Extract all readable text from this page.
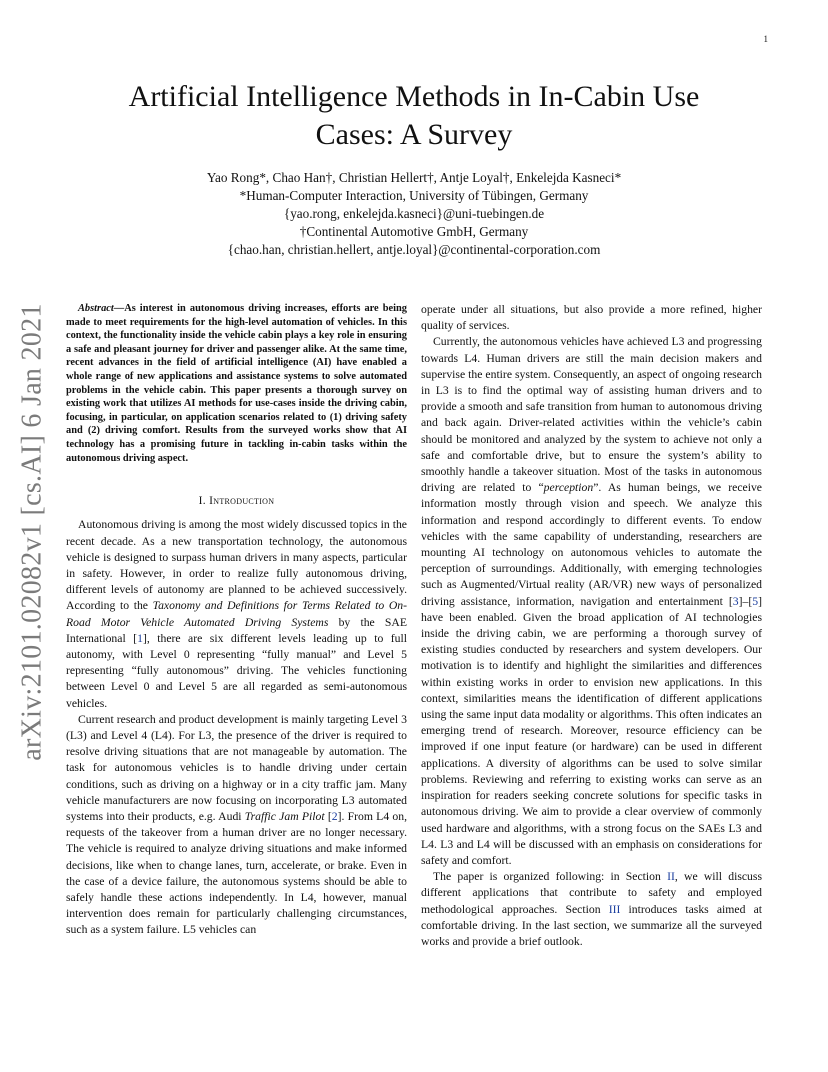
1
arXiv:2101.02082v1 [cs.AI] 6 Jan 2021
Artificial Intelligence Methods in In-Cabin Use
Cases: A Survey
Yao Rong*, Chao Han†, Christian Hellert†, Antje Loyal†, Enkelejda Kasneci*
*Human-Computer Interaction, University of Tübingen, Germany
{yao.rong, enkelejda.kasneci}@uni-tuebingen.de
†Continental Automotive GmbH, Germany
{chao.han, christian.hellert, antje.loyal}@continental-corporation.com

Abstract—As interest in autonomous driving increases, efforts are being made to meet requirements for the high-level automation of vehicles. In this context, the functionality inside the vehicle cabin plays a key role in ensuring a safe and pleasant journey for driver and passenger alike. At the same time, recent advances in the field of artificial intelligence (AI) have enabled a whole range of new applications and assistance systems to solve automated problems in the vehicle cabin. This paper presents a thorough survey on existing work that utilizes AI methods for use-cases inside the driving cabin, focusing, in particular, on application scenarios related to (1) driving safety and (2) driving comfort. Results from the surveyed works show that AI technology has a promising future in tackling in-cabin tasks within the autonomous driving aspect.

I. Introduction

Autonomous driving is among the most widely discussed topics in the recent decade. As a new transportation technology, the autonomous vehicle is designed to surpass human drivers in many aspects, particular in safety. However, in order to realize fully autonomous driving, different levels of autonomy are planned to be achieved successively. According to the Taxonomy and Definitions for Terms Related to On-Road Motor Vehicle Automated Driving Systems by the SAE International [1], there are six different levels leading up to full autonomy, with Level 0 representing “fully manual” and Level 5 representing “fully autonomous” driving. The vehicles functioning between Level 0 and Level 5 are all regarded as semi-autonomous vehicles.

Current research and product development is mainly targeting Level 3 (L3) and Level 4 (L4). For L3, the presence of the driver is required to resolve driving situations that are not manageable by automation. The task for autonomous vehicles is to handle driving under certain conditions, such as driving on a highway or in a city traffic jam. Many vehicle manufacturers are now focusing on incorporating L3 automated systems into their products, e.g. Audi Traffic Jam Pilot [2]. From L4 on, requests of the takeover from a human driver are no longer necessary. The vehicle is required to analyze driving situations and make informed decisions, like when to change lanes, turn, accelerate, or brake. Even in the case of a device failure, the autonomous systems should be able to safely handle these actions independently. In L4, however, manual intervention does remain for particularly challenging circumstances, such as a system failure. L5 vehicles can

operate under all situations, but also provide a more refined, higher quality of services.

Currently, the autonomous vehicles have achieved L3 and progressing towards L4. Human drivers are still the main decision makers and supervise the entire system. Consequently, an aspect of ongoing research in L3 is to find the optimal way of assisting human drivers and to provide a smooth and safe transition from human to autonomous driving and back again. Driver-related activities within the vehicle’s cabin should be monitored and analyzed by the system to achieve not only a safe and comfortable drive, but to ensure the system’s ability to smoothly handle a takeover situation. Most of the tasks in autonomous driving are related to “perception”. As human beings, we receive information mostly through vision and speech. We analyze this information and respond accordingly to different events. To endow vehicles with the same capability of understanding, researchers are mounting AI technology on autonomous vehicles to automate the perception of surroundings. Additionally, with emerging technologies such as Augmented/Virtual reality (AR/VR) new ways of personalized driving assistance, information, navigation and entertainment [3]–[5] have been enabled. Given the broad application of AI technologies inside the driving cabin, we are performing a thorough survey of existing studies conducted by researchers and system developers. Our motivation is to identify and highlight the similarities and differences within existing works in order to envision new applications. In this context, similarities means the identification of different applications using the same input data modality or algorithms. This often indicates an emerging trend of research. Moreover, resource efficiency can be improved if one input feature (or hardware) can be used in different applications. A diversity of algorithms can be used to solve similar problems. Reviewing and referring to existing works can serve as an inspiration for readers seeking concrete solutions for specific tasks in autonomous driving. We aim to provide a clear overview of commonly used hardware and algorithms, with a strong focus on the SAEs L3 and L4. L3 and L4 will be discussed with an emphasis on considerations for safety and comfort.

The paper is organized following: in Section II, we will discuss different applications that contribute to safety and employed methodological approaches. Section III introduces tasks aimed at comfortable driving. In the last section, we summarize all the surveyed works and provide a brief outlook.
